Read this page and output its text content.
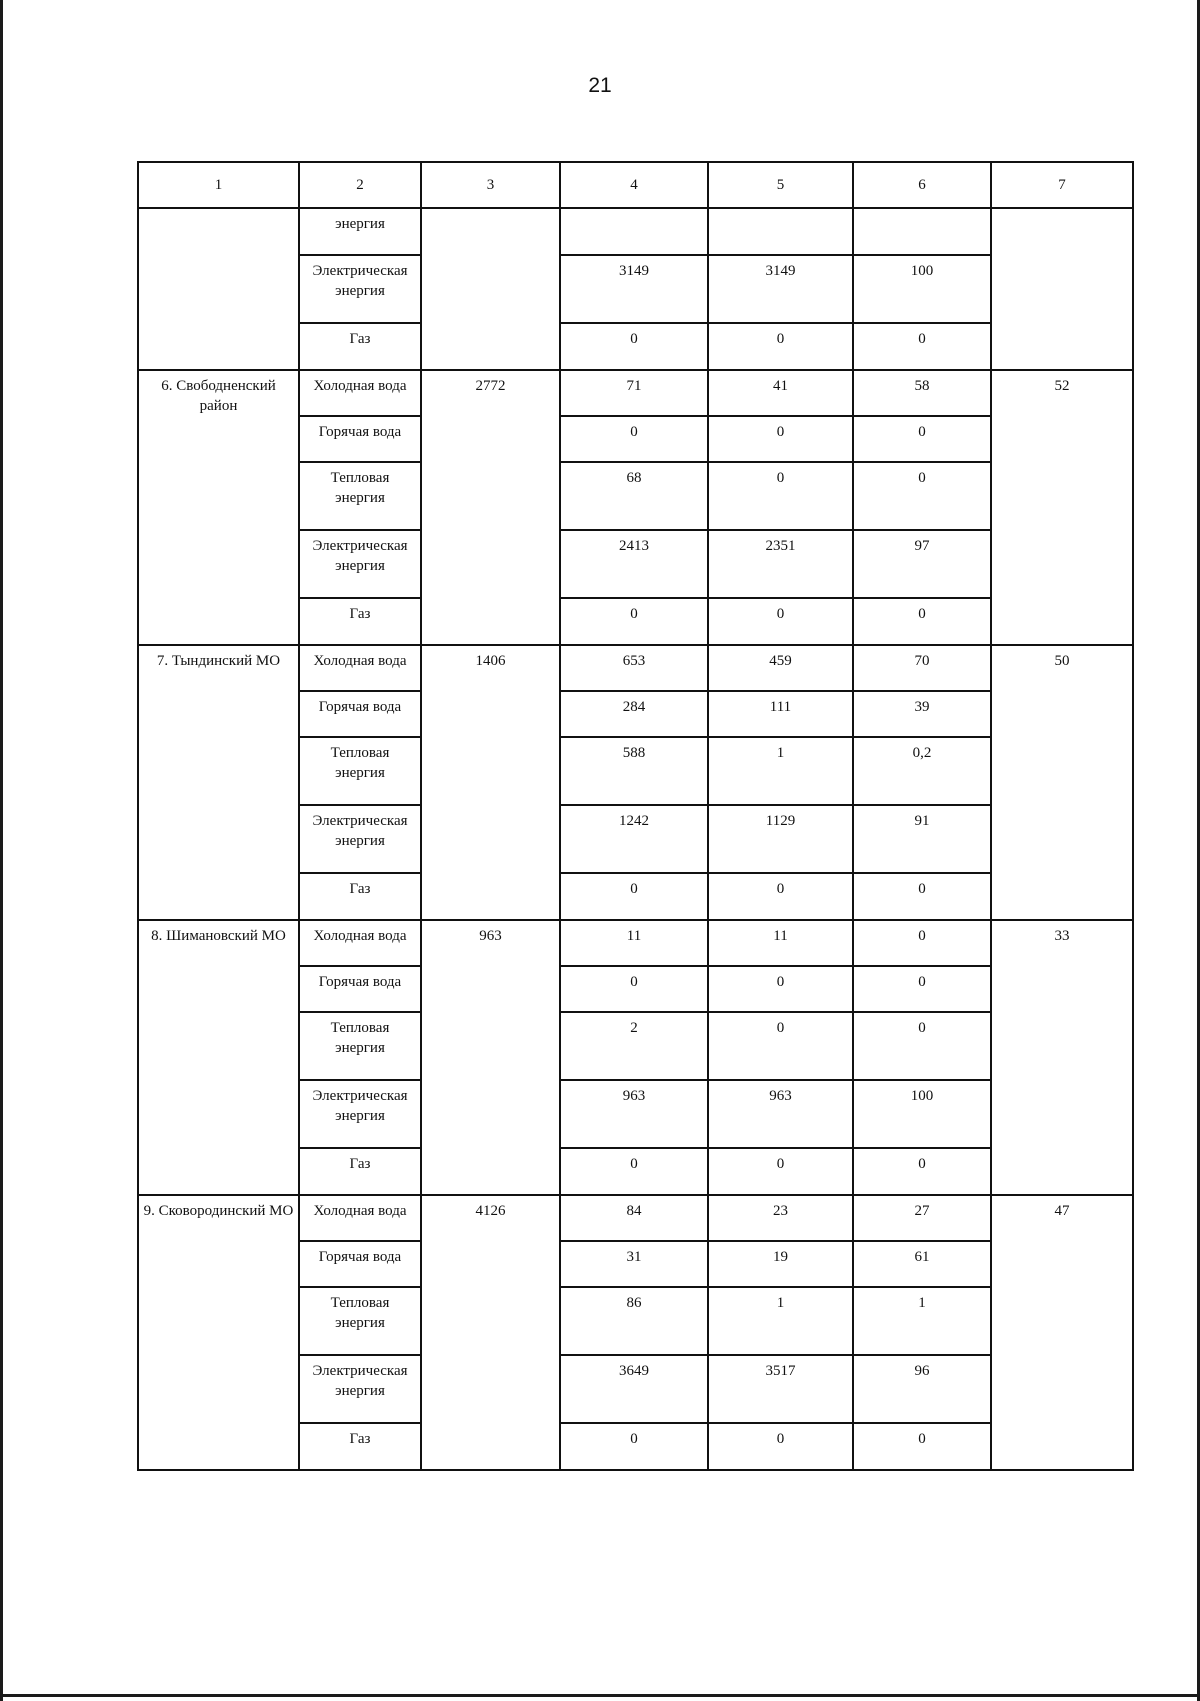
21
1	2	3	4	5	6	7
	энергия					
	Электрическая энергия		3149	3149	100	
	Газ		0	0	0	
6. Свободненский район	Холодная вода	2772	71	41	58	52
	Горячая вода		0	0	0	
	Тепловая энергия		68	0	0	
	Электрическая энергия		2413	2351	97	
	Газ		0	0	0	
7. Тындинский МО	Холодная вода	1406	653	459	70	50
	Горячая вода		284	111	39	
	Тепловая энергия		588	1	0,2	
	Электрическая энергия		1242	1129	91	
	Газ		0	0	0	
8. Шимановский МО	Холодная вода	963	11	11	0	33
	Горячая вода		0	0	0	
	Тепловая энергия		2	0	0	
	Электрическая энергия		963	963	100	
	Газ		0	0	0	
9. Сковородинский МО	Холодная вода	4126	84	23	27	47
	Горячая вода		31	19	61	
	Тепловая энергия		86	1	1	
	Электрическая энергия		3649	3517	96	
	Газ		0	0	0	
